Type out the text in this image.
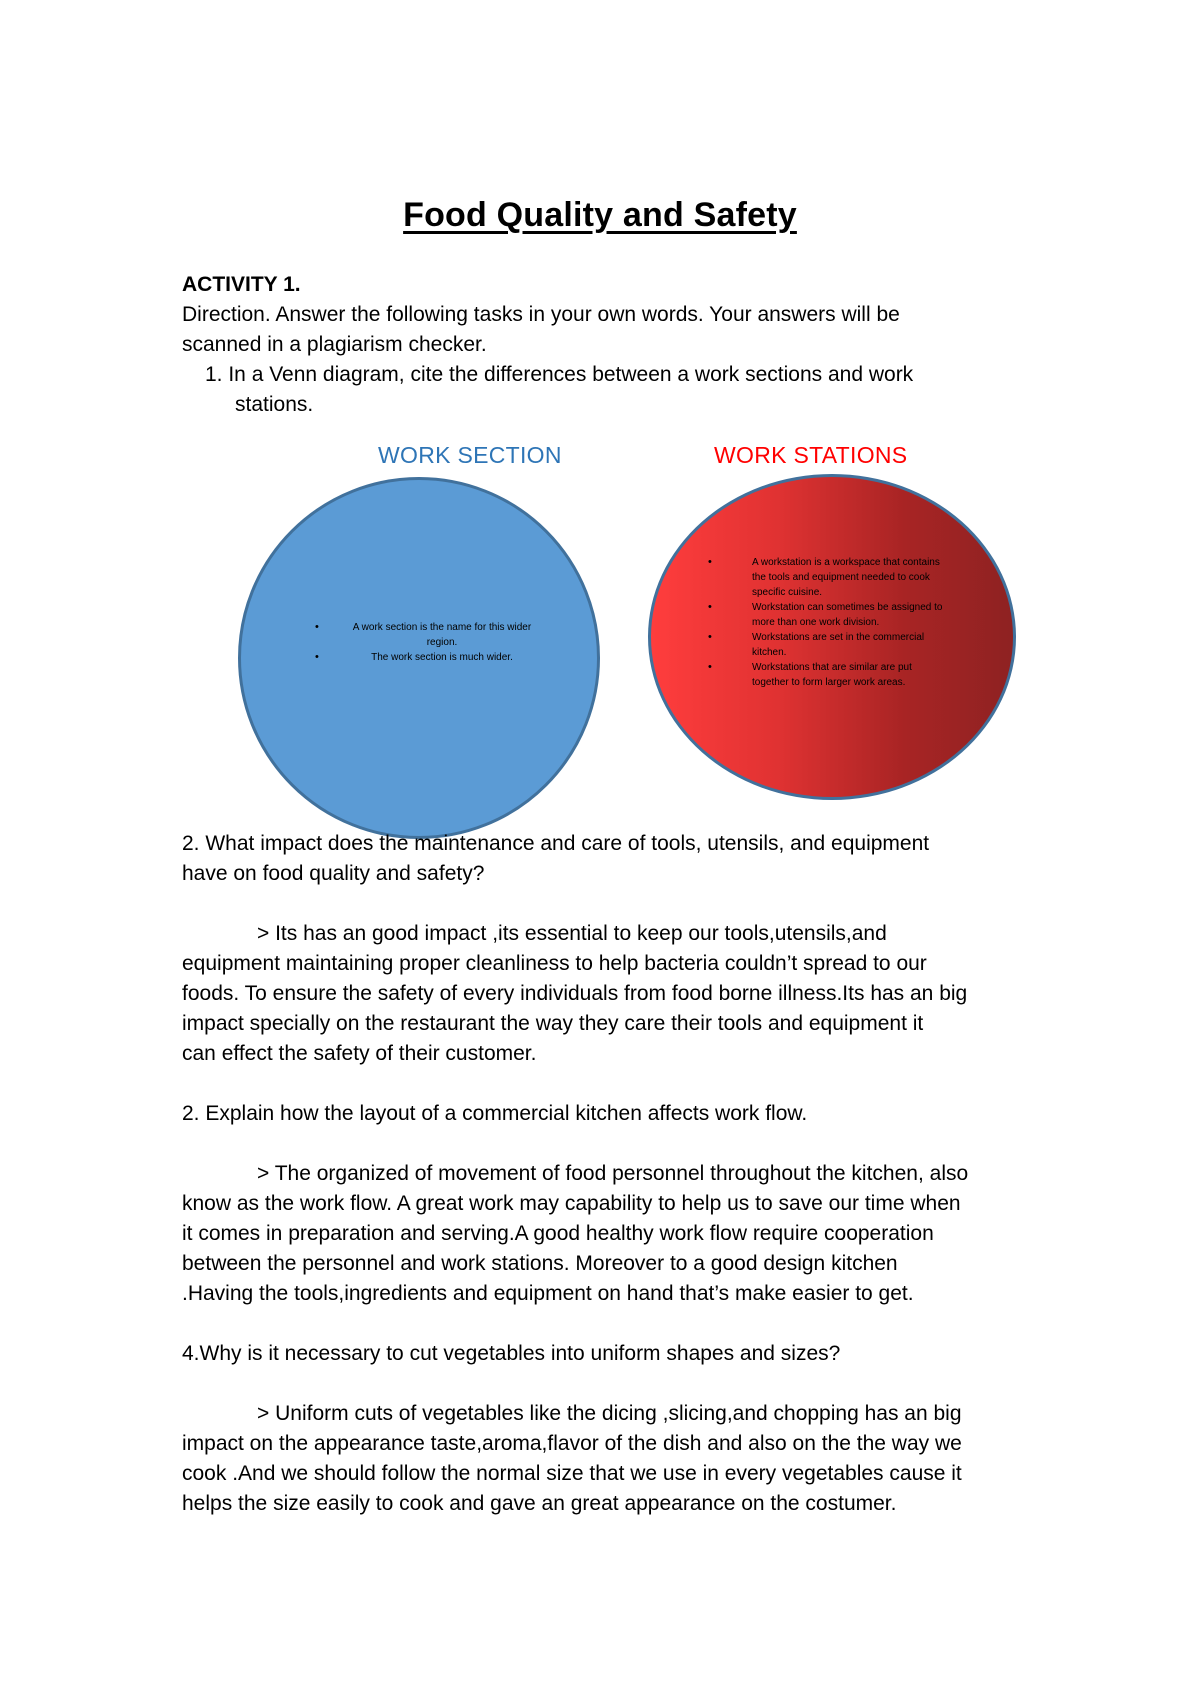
Food Quality and Safety
ACTIVITY 1.
Direction. Answer the following tasks in your own words. Your answers will be
scanned in a plagiarism checker.
1. In a Venn diagram, cite the differences between a work sections and work
stations.
WORK SECTION	WORK STATIONS
•	A work section is the name for this wider region.
•	The work section is much wider.
•	A workstation is a workspace that contains the tools and equipment needed to cook specific cuisine.
•	Workstation can sometimes be assigned to more than one work division.
•	Workstations are set in the commercial kitchen.
•	Workstations that are similar are put together to form larger work areas.
2. What impact does the maintenance and care of tools, utensils, and equipment
have on food quality and safety?
> Its has an good impact ,its essential to keep our tools,utensils,and
equipment maintaining proper cleanliness to help bacteria couldn’t spread to our
foods. To ensure the safety of every individuals from food borne illness.Its has an big
impact specially on the restaurant the way they care their tools and equipment it
can effect the safety of their customer.
2. Explain how the layout of a commercial kitchen affects work flow.
> The organized of movement of food personnel throughout the kitchen, also
know as the work flow. A great work may capability to help us to save our time when
it comes in preparation and serving.A good healthy work flow require cooperation
between the personnel and work stations. Moreover to a good design kitchen
.Having the tools,ingredients and equipment on hand that’s make easier to get.
4.Why is it necessary to cut vegetables into uniform shapes and sizes?
> Uniform cuts of vegetables like the dicing ,slicing,and chopping has an big
impact on the appearance taste,aroma,flavor of the dish and also on the the way we
cook .And we should follow the normal size that we use in every vegetables cause it
helps the size easily to cook and gave an great appearance on the costumer.
